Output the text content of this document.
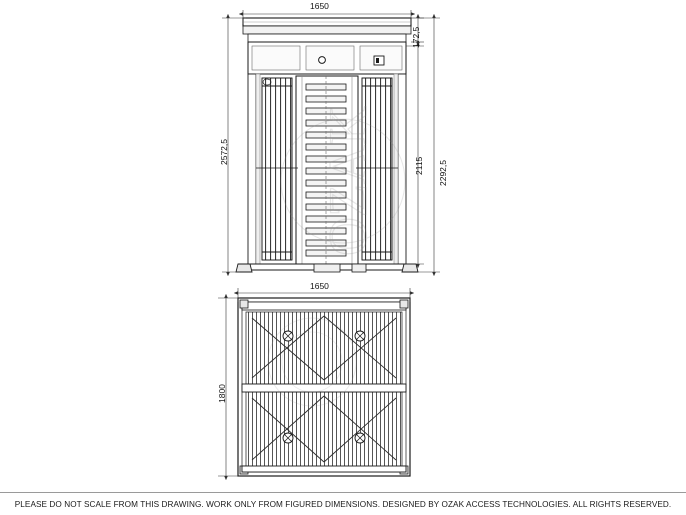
OZAK
1650
2572,5
172,5
2115 2292,5
1650
1800
PLEASE DO NOT SCALE FROM THIS DRAWING. WORK ONLY FROM FIGURED DIMENSIONS. DESIGNED BY OZAK ACCESS TECHNOLOGIES. ALL RIGHTS RESERVED.
